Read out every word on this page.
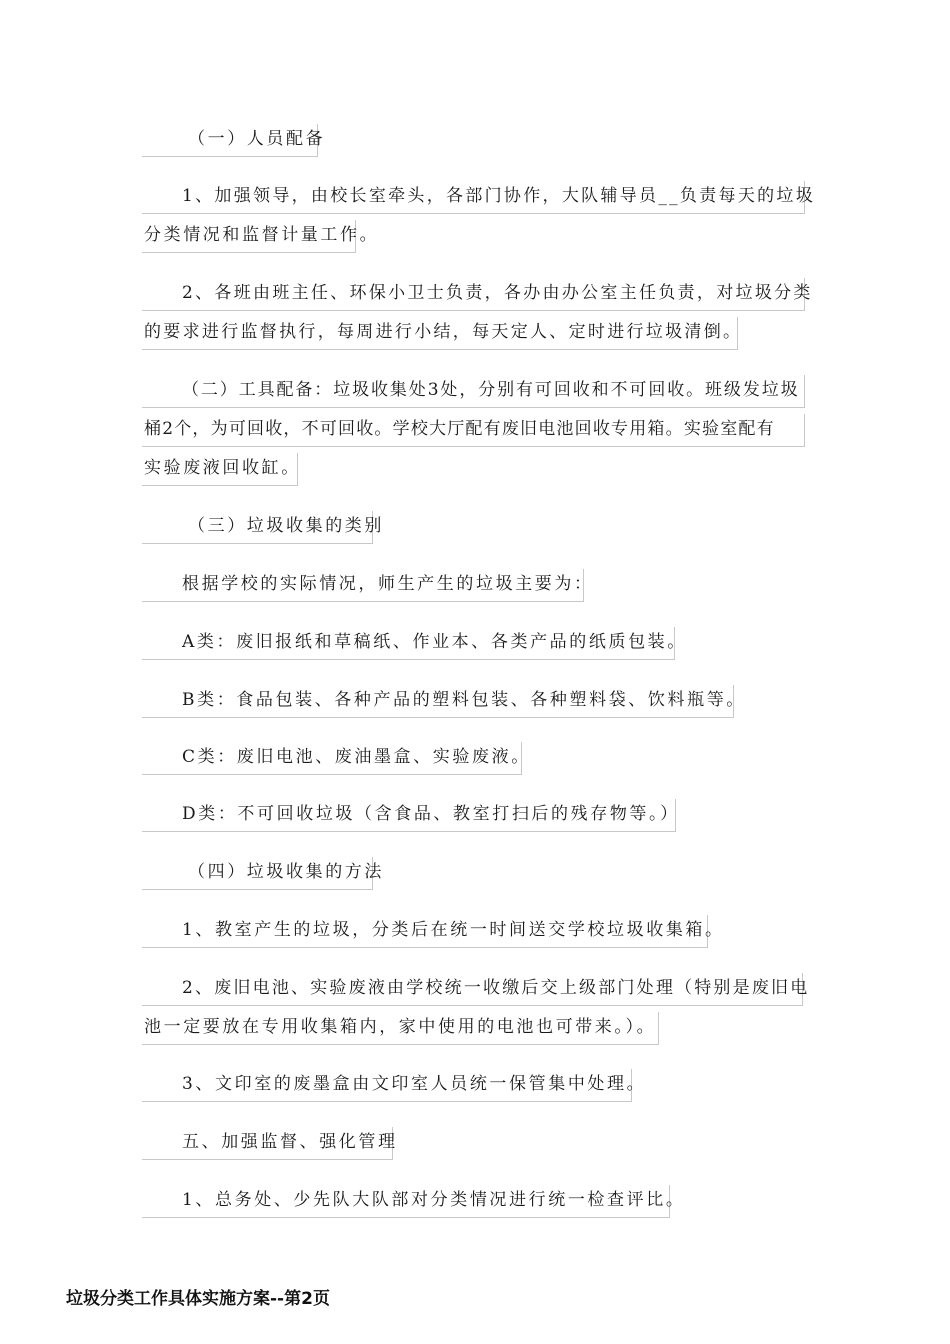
（一）人员配备
1、加强领导，由校长室牵头，各部门协作，大队辅导员__负责每天的垃圾
分类情况和监督计量工作。
2、各班由班主任、环保小卫士负责，各办由办公室主任负责，对垃圾分类
的要求进行监督执行，每周进行小结，每天定人、定时进行垃圾清倒。
（二）工具配备：垃圾收集处3处，分别有可回收和不可回收。班级发垃圾
桶2个，为可回收，不可回收。学校大厅配有废旧电池回收专用箱。实验室配有
实验废液回收缸。
（三）垃圾收集的类别
根据学校的实际情况，师生产生的垃圾主要为：
A类：废旧报纸和草稿纸、作业本、各类产品的纸质包装。
B类：食品包装、各种产品的塑料包装、各种塑料袋、饮料瓶等。
C类：废旧电池、废油墨盒、实验废液。
D类：不可回收垃圾（含食品、教室打扫后的残存物等。）
（四）垃圾收集的方法
1、教室产生的垃圾，分类后在统一时间送交学校垃圾收集箱。
2、废旧电池、实验废液由学校统一收缴后交上级部门处理（特别是废旧电
池一定要放在专用收集箱内，家中使用的电池也可带来。）。
3、文印室的废墨盒由文印室人员统一保管集中处理。
五、加强监督、强化管理
1、总务处、少先队大队部对分类情况进行统一检查评比。
垃圾分类工作具体实施方案--第2页
